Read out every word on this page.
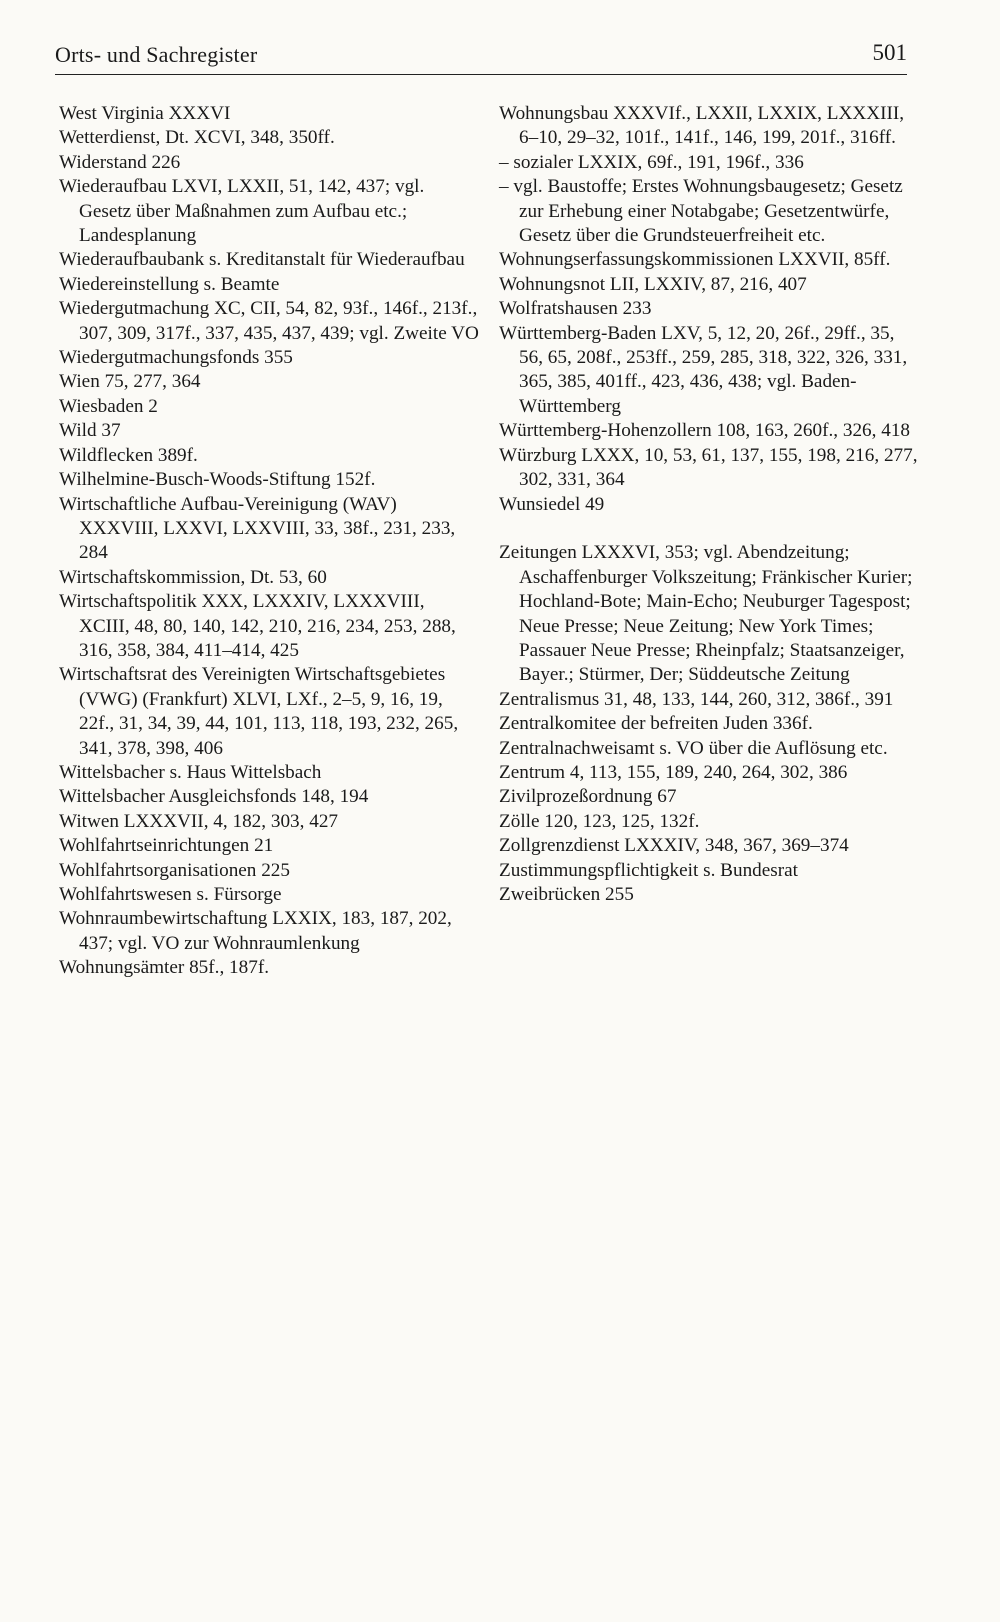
Orts- und Sachregister	501
West Virginia XXXVI
Wetterdienst, Dt. XCVI, 348, 350ff.
Widerstand 226
Wiederaufbau LXVI, LXXII, 51, 142, 437; vgl. Gesetz über Maßnahmen zum Aufbau etc.; Landesplanung
Wiederaufbaubank s. Kreditanstalt für Wiederaufbau
Wiedereinstellung s. Beamte
Wiedergutmachung XC, CII, 54, 82, 93f., 146f., 213f., 307, 309, 317f., 337, 435, 437, 439; vgl. Zweite VO
Wiedergutmachungsfonds 355
Wien 75, 277, 364
Wiesbaden 2
Wild 37
Wildflecken 389f.
Wilhelmine-Busch-Woods-Stiftung 152f.
Wirtschaftliche Aufbau-Vereinigung (WAV) XXXVIII, LXXVI, LXXVIII, 33, 38f., 231, 233, 284
Wirtschaftskommission, Dt. 53, 60
Wirtschaftspolitik XXX, LXXXIV, LXXXVIII, XCIII, 48, 80, 140, 142, 210, 216, 234, 253, 288, 316, 358, 384, 411–414, 425
Wirtschaftsrat des Vereinigten Wirtschaftsgebietes (VWG) (Frankfurt) XLVI, LXf., 2–5, 9, 16, 19, 22f., 31, 34, 39, 44, 101, 113, 118, 193, 232, 265, 341, 378, 398, 406
Wittelsbacher s. Haus Wittelsbach
Wittelsbacher Ausgleichsfonds 148, 194
Witwen LXXXVII, 4, 182, 303, 427
Wohlfahrtseinrichtungen 21
Wohlfahrtsorganisationen 225
Wohlfahrtswesen s. Fürsorge
Wohnraumbewirtschaftung LXXIX, 183, 187, 202, 437; vgl. VO zur Wohnraumlenkung
Wohnungsämter 85f., 187f.
Wohnungsbau XXXVIf., LXXII, LXXIX, LXXXIII, 6–10, 29–32, 101f., 141f., 146, 199, 201f., 316ff.
– sozialer LXXIX, 69f., 191, 196f., 336
– vgl. Baustoffe; Erstes Wohnungsbaugesetz; Gesetz zur Erhebung einer Notabgabe; Gesetzentwürfe, Gesetz über die Grundsteuerfreiheit etc.
Wohnungserfassungskommissionen LXXVII, 85ff.
Wohnungsnot LII, LXXIV, 87, 216, 407
Wolfratshausen 233
Württemberg-Baden LXV, 5, 12, 20, 26f., 29ff., 35, 56, 65, 208f., 253ff., 259, 285, 318, 322, 326, 331, 365, 385, 401ff., 423, 436, 438; vgl. Baden-Württemberg
Württemberg-Hohenzollern 108, 163, 260f., 326, 418
Würzburg LXXX, 10, 53, 61, 137, 155, 198, 216, 277, 302, 331, 364
Wunsiedel 49
Zeitungen LXXXVI, 353; vgl. Abendzeitung; Aschaffenburger Volkszeitung; Fränkischer Kurier; Hochland-Bote; Main-Echo; Neuburger Tagespost; Neue Presse; Neue Zeitung; New York Times; Passauer Neue Presse; Rheinpfalz; Staatsanzeiger, Bayer.; Stürmer, Der; Süddeutsche Zeitung
Zentralismus 31, 48, 133, 144, 260, 312, 386f., 391
Zentralkomitee der befreiten Juden 336f.
Zentralnachweisamt s. VO über die Auflösung etc.
Zentrum 4, 113, 155, 189, 240, 264, 302, 386
Zivilprozeßordnung 67
Zölle 120, 123, 125, 132f.
Zollgrenzdienst LXXXIV, 348, 367, 369–374
Zustimmungspflichtigkeit s. Bundesrat
Zweibrücken 255
